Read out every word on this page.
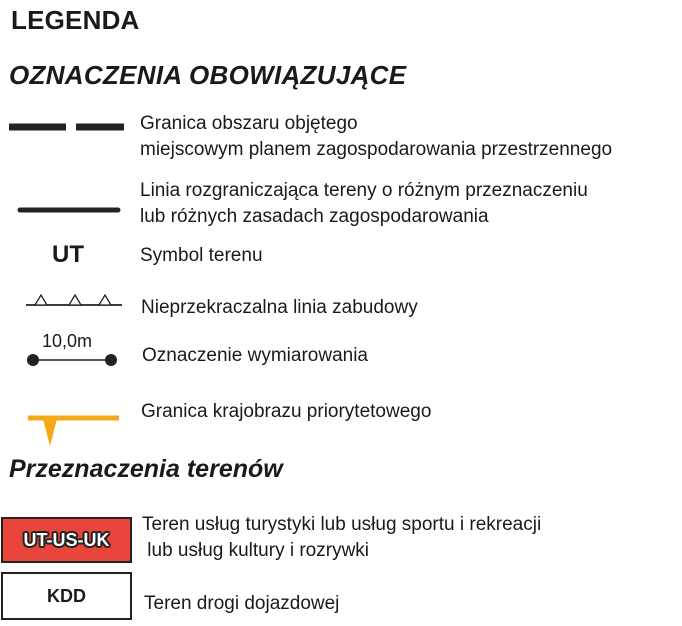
LEGENDA
OZNACZENIA OBOWIĄZUJĄCE
Granica obszaru objętego
miejscowym planem zagospodarowania przestrzennego
Linia rozgraniczająca tereny o różnym przeznaczeniu
lub różnych zasadach zagospodarowania
UT	Symbol terenu
Nieprzekraczalna linia zabudowy
10,0m
Oznaczenie wymiarowania
Granica krajobrazu priorytetowego
Przeznaczenia terenów
UT-US-UK
Teren usług turystyki lub usług sportu i rekreacji
lub usług kultury i rozrywki
KDD	Teren drogi dojazdowej
